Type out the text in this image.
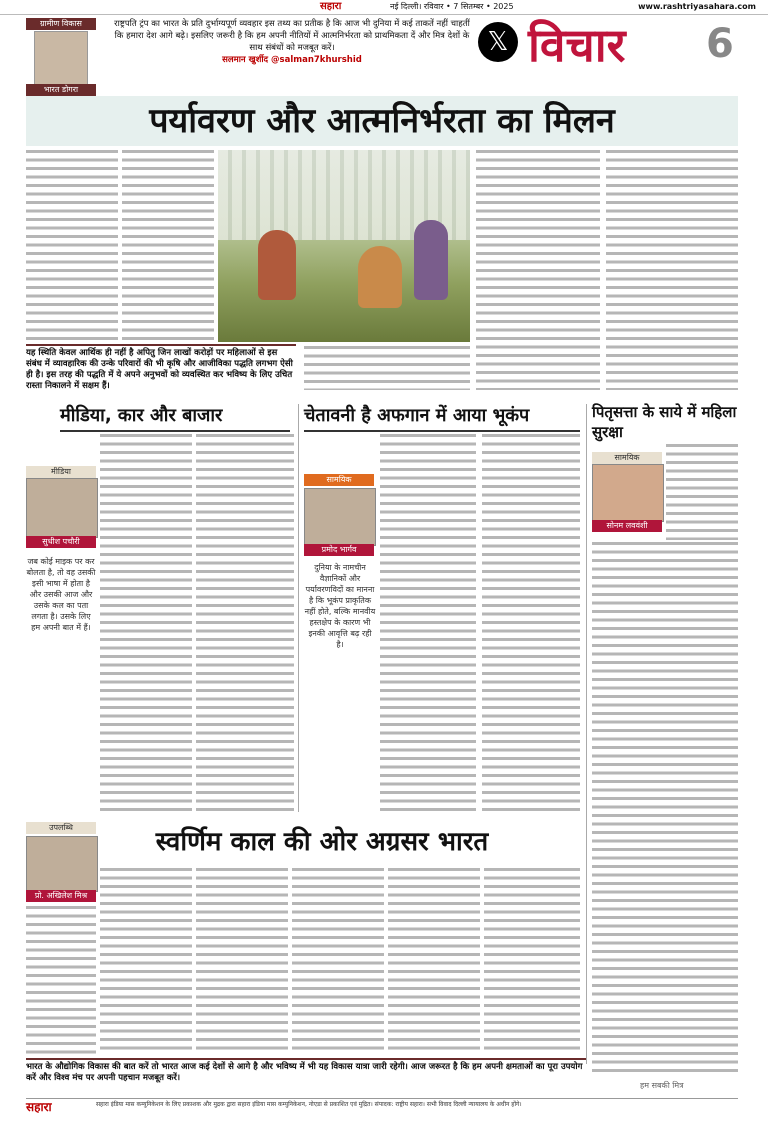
सहारा	नई दिल्ली। रविवार • 7 सितम्बर • 2025	www.rashtriyasahara.com
ग्रामीण विकास
भारत डोगरा
राष्ट्रपति ट्रंप का भारत के प्रति दुर्भाग्यपूर्ण व्यवहार इस तथ्य का प्रतीक है कि आज भी दुनिया में कई ताकतें नहीं चाहतीं कि हमारा देश आगे बढ़े। इसलिए जरूरी है कि हम अपनी नीतियों में आत्मनिर्भरता को प्राथमिकता दें और मित्र देशों के साथ संबंधों को मजबूत करें।
सलमान खुर्शीद @salman7khurshid
𝕏 विचार	6
पर्यावरण और आत्मनिर्भरता का मिलन
यह स्थिति केवल आर्थिक ही नहीं है अपितु जिन लाखों करोड़ों पर महिलाओं से इस संबंध में व्यावहारिक की उन्के परिवारों की भी कृषि और आजीविका पद्धति लगभग ऐसी ही है। इस तरह की पद्धति में ये अपने अनुभवों को व्यवस्थित कर भविष्य के लिए उचित रास्ता निकालने में सक्षम हैं।
मीडिया, कार और बाजार
मीडिया
सुधीश पचौरी
जब कोई माइक पर कर बोलता है, तो वह उसकी इसी भाषा में होता है और उसकी आज और उसके कल का पता लगता है। उसके लिए हम अपनी बात में हैं।
चेतावनी है अफगान में आया भूकंप
सामयिक
प्रमोद भार्गव
दुनिया के नामचीन वैज्ञानिकों और पर्यावरणविदों का मानना है कि भूकंप प्राकृतिक नहीं होते, बल्कि मानवीय हस्तक्षेप के कारण भी इनकी आवृत्ति बढ़ रही है।
पितृसत्ता के साये में महिला सुरक्षा
सामयिक
सोनम लववंशी
स्वर्णिम काल की ओर अग्रसर भारत
उपलब्धि
प्रो. अखिलेश मिश्र
भारत के औद्योगिक विकास की बात करें तो भारत आज कई देशों से आगे है और भविष्य में भी यह विकास यात्रा जारी रहेगी। आज जरूरत है कि हम अपनी क्षमताओं का पूरा उपयोग करें और विश्व मंच पर अपनी पहचान मजबूत करें।
हम सबकी मित्र
सहारा	सहारा इंडिया मास कम्युनिकेशन के लिए प्रकाशक और मुद्रक द्वारा सहारा इंडिया मास कम्युनिकेशन, नोएडा से प्रकाशित एवं मुद्रित। संपादक: राष्ट्रीय सहारा। सभी विवाद दिल्ली न्यायालय के अधीन होंगे।
